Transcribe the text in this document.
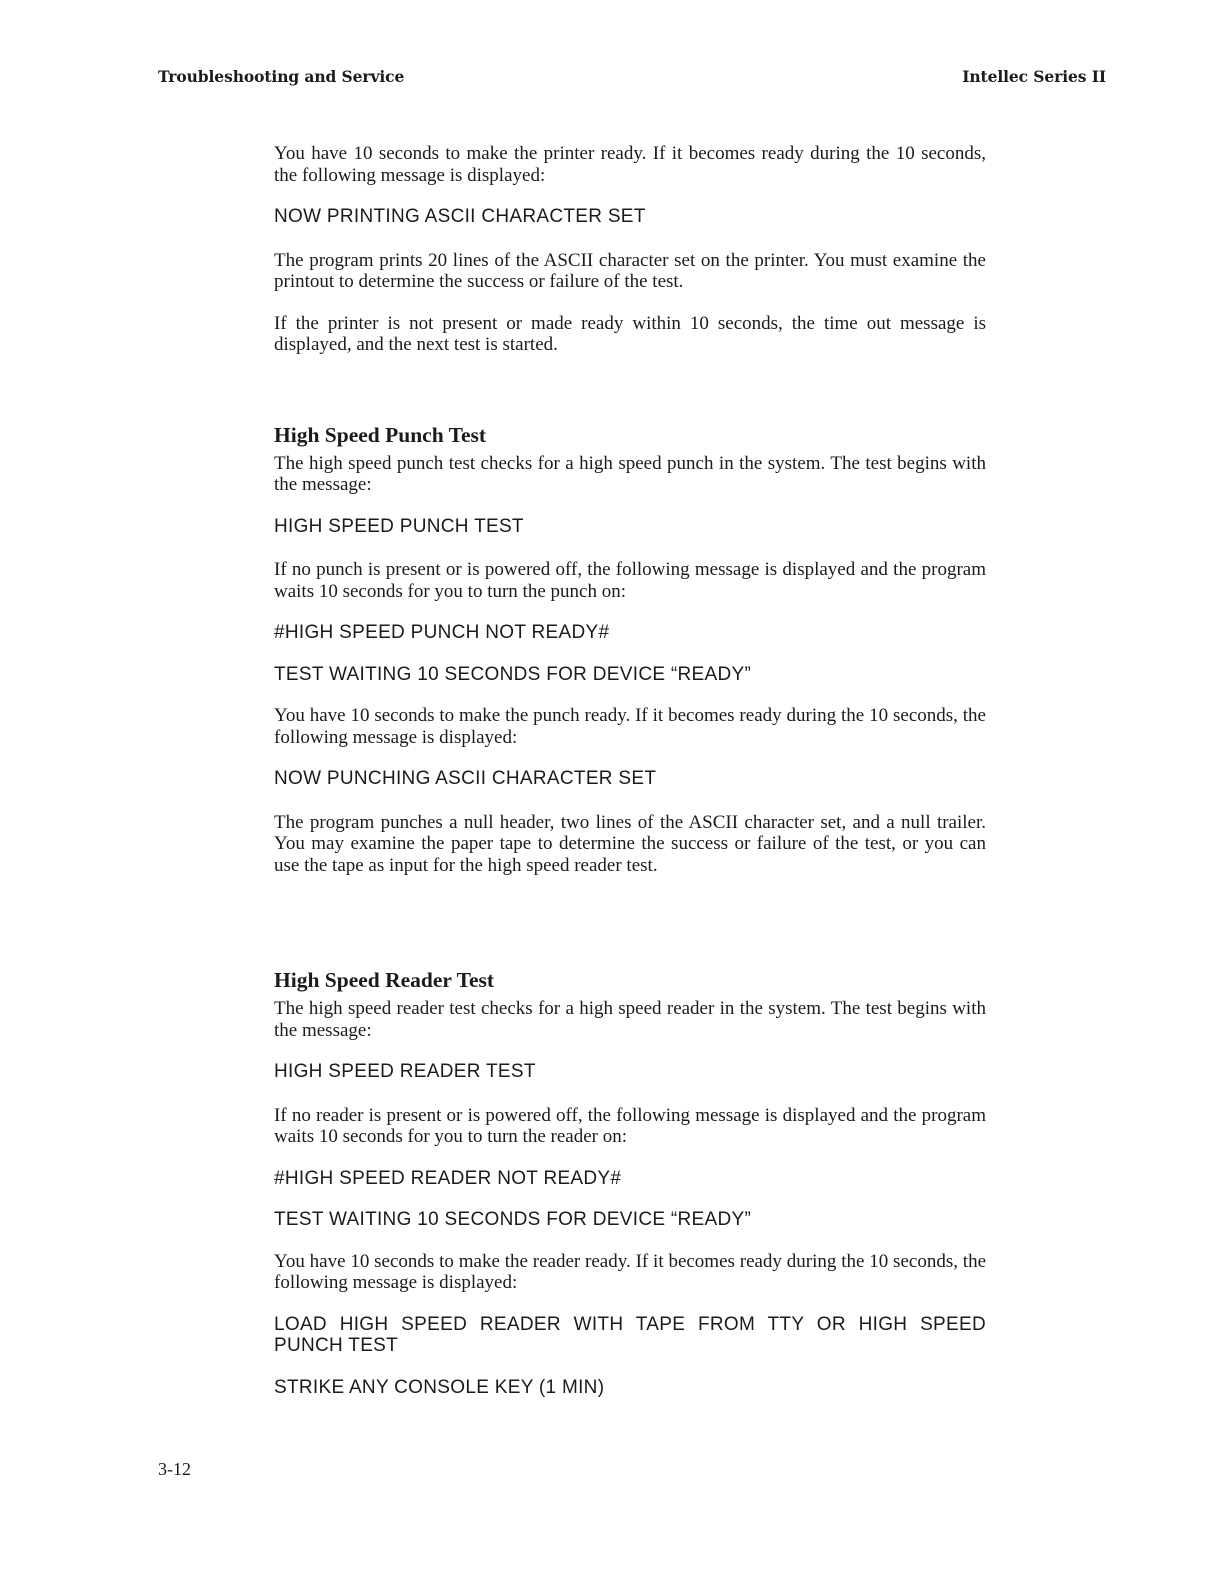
Troubleshooting and Service	Intellec Series II

You have 10 seconds to make the printer ready. If it becomes ready during the 10 seconds, the following message is displayed:

NOW PRINTING ASCII CHARACTER SET

The program prints 20 lines of the ASCII character set on the printer. You must examine the printout to determine the success or failure of the test.

If the printer is not present or made ready within 10 seconds, the time out message is displayed, and the next test is started.

High Speed Punch Test

The high speed punch test checks for a high speed punch in the system. The test begins with the message:

HIGH SPEED PUNCH TEST

If no punch is present or is powered off, the following message is displayed and the program waits 10 seconds for you to turn the punch on:

#HIGH SPEED PUNCH NOT READY#

TEST WAITING 10 SECONDS FOR DEVICE “READY”

You have 10 seconds to make the punch ready. If it becomes ready during the 10 seconds, the following message is displayed:

NOW PUNCHING ASCII CHARACTER SET

The program punches a null header, two lines of the ASCII character set, and a null trailer. You may examine the paper tape to determine the success or failure of the test, or you can use the tape as input for the high speed reader test.

High Speed Reader Test

The high speed reader test checks for a high speed reader in the system. The test begins with the message:

HIGH SPEED READER TEST

If no reader is present or is powered off, the following message is displayed and the program waits 10 seconds for you to turn the reader on:

#HIGH SPEED READER NOT READY#

TEST WAITING 10 SECONDS FOR DEVICE “READY”

You have 10 seconds to make the reader ready. If it becomes ready during the 10 seconds, the following message is displayed:

LOAD HIGH SPEED READER WITH TAPE FROM TTY OR HIGH SPEED PUNCH TEST

STRIKE ANY CONSOLE KEY (1 MIN)

3-12
